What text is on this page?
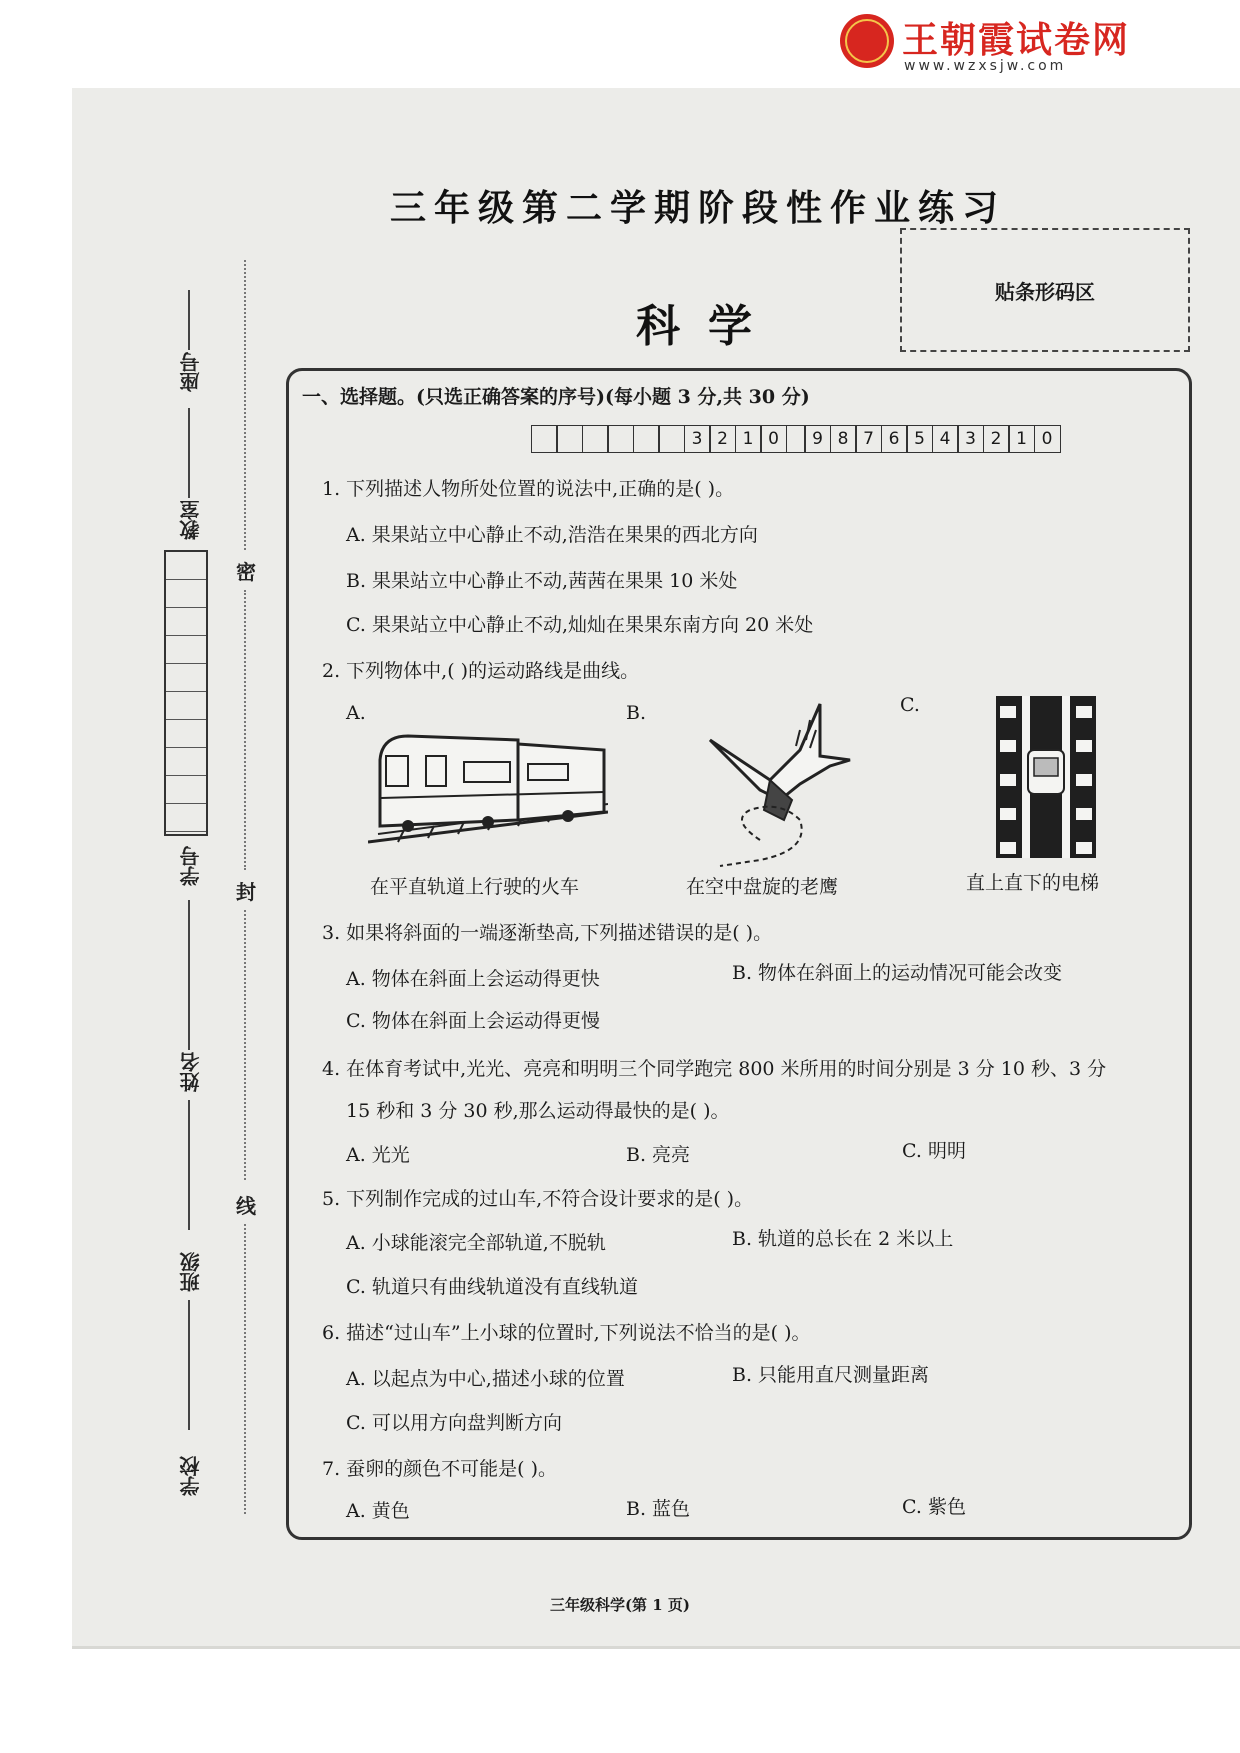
王朝霞试卷网
www.wzxsjw.com
座号
教室
学号
姓名
班级
学校
密
封
线
三年级第二学期阶段性作业练习
科学
贴条形码区
一、选择题。(只选正确答案的序号)(每小题 3 分,共 30 分)
3 2 1 0	9 8 7 6 5 4 3 2 1 0
1. 下列描述人物所处位置的说法中,正确的是( )。
A. 果果站立中心静止不动,浩浩在果果的西北方向
B. 果果站立中心静止不动,茜茜在果果 10 米处
C. 果果站立中心静止不动,灿灿在果果东南方向 20 米处
2. 下列物体中,( )的运动路线是曲线。
A.	B.	C.
在平直轨道上行驶的火车	在空中盘旋的老鹰	直上直下的电梯
3. 如果将斜面的一端逐渐垫高,下列描述错误的是( )。
A. 物体在斜面上会运动得更快	B. 物体在斜面上的运动情况可能会改变
C. 物体在斜面上会运动得更慢
4. 在体育考试中,光光、亮亮和明明三个同学跑完 800 米所用的时间分别是 3 分 10 秒、3 分
15 秒和 3 分 30 秒,那么运动得最快的是( )。
A. 光光	B. 亮亮	C. 明明
5. 下列制作完成的过山车,不符合设计要求的是( )。
A. 小球能滚完全部轨道,不脱轨	B. 轨道的总长在 2 米以上
C. 轨道只有曲线轨道没有直线轨道
6. 描述“过山车”上小球的位置时,下列说法不恰当的是( )。
A. 以起点为中心,描述小球的位置	B. 只能用直尺测量距离
C. 可以用方向盘判断方向
7. 蚕卵的颜色不可能是( )。
A. 黄色	B. 蓝色	C. 紫色
三年级科学(第 1 页)
